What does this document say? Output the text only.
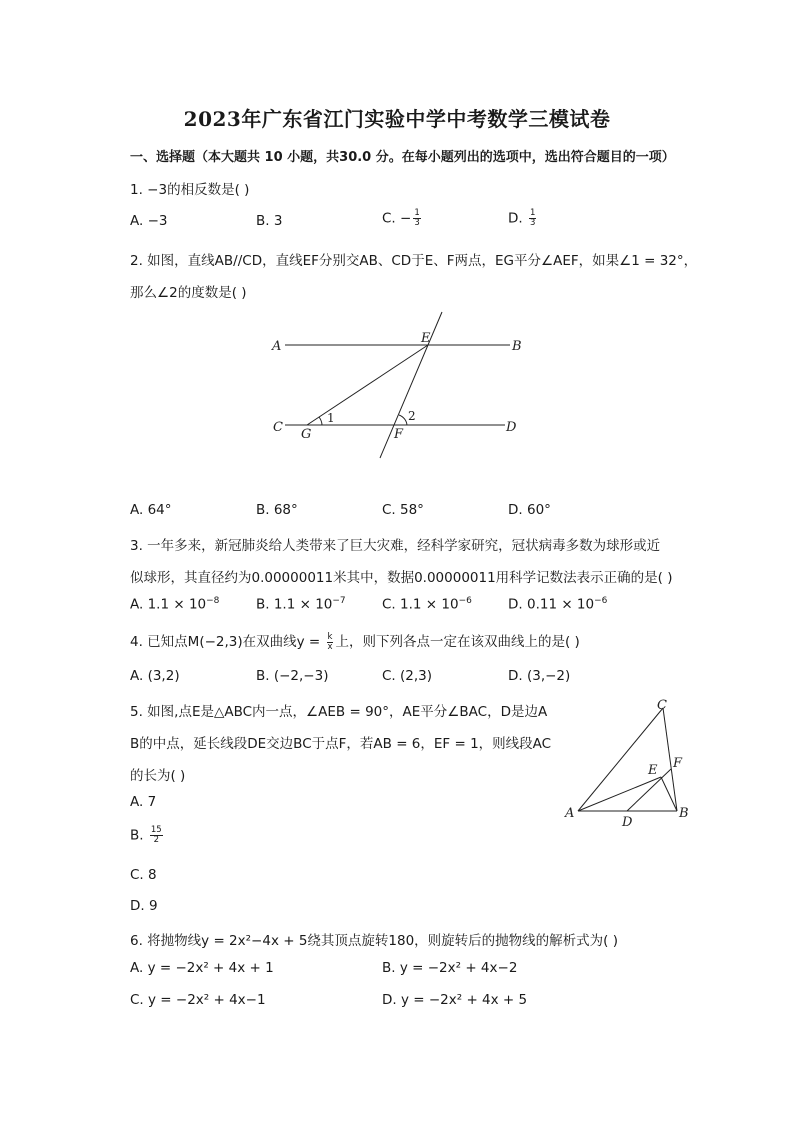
2023年广东省江门实验中学中考数学三模试卷
一、选择题（本大题共 10 小题，共30.0 分。在每小题列出的选项中，选出符合题目的一项）
1. −3的相反数是( )
A. −3	B. 3	C. − $\frac{1}{3}$	D. $\frac{1}{3}$
2. 如图，直线AB//CD，直线EF分别交AB、CD于E、F两点，EG平分∠AEF，如果∠1 = 32°，
那么∠2的度数是( )
A	B
C	D
E
F
G
1	2
A. 64°	B. 68°	C. 58°	D. 60°
3. 一年多来，新冠肺炎给人类带来了巨大灾难，经科学家研究，冠状病毒多数为球形或近
似球形，其直径约为0.00000011米其中，数据0.00000011用科学记数法表示正确的是( )
A. $1.1 \times 10^{-8}$	B. $1.1 \times 10^{-7}$	C. $1.1 \times 10^{-6}$	D. $0.11 \times 10^{-6}$
4. 已知点M(−2,3)在双曲线$y = \frac{k}{x}$ 上，则下列各点一定在该双曲线上的是( )
A. (3,2)	B. (−2,−3)	C. (2,3)	D. (3,−2)
5. 如图,点E是△ABC内一点，∠AEB = 90°，AE平分∠BAC，D是边A
B的中点，延长线段DE交边BC于点F，若AB = 6，EF = 1，则线段AC
的长为( )
A. 7
B. $\frac{15}{2}$
C. 8
D. 9
A	B
C
D
E F
6. 将抛物线y = 2x²−4x + 5绕其顶点旋转180，则旋转后的抛物线的解析式为( )
A. y = −2x² + 4x + 1	B. y = −2x² + 4x−2
C. y = −2x² + 4x−1	D. y = −2x² + 4x + 5
